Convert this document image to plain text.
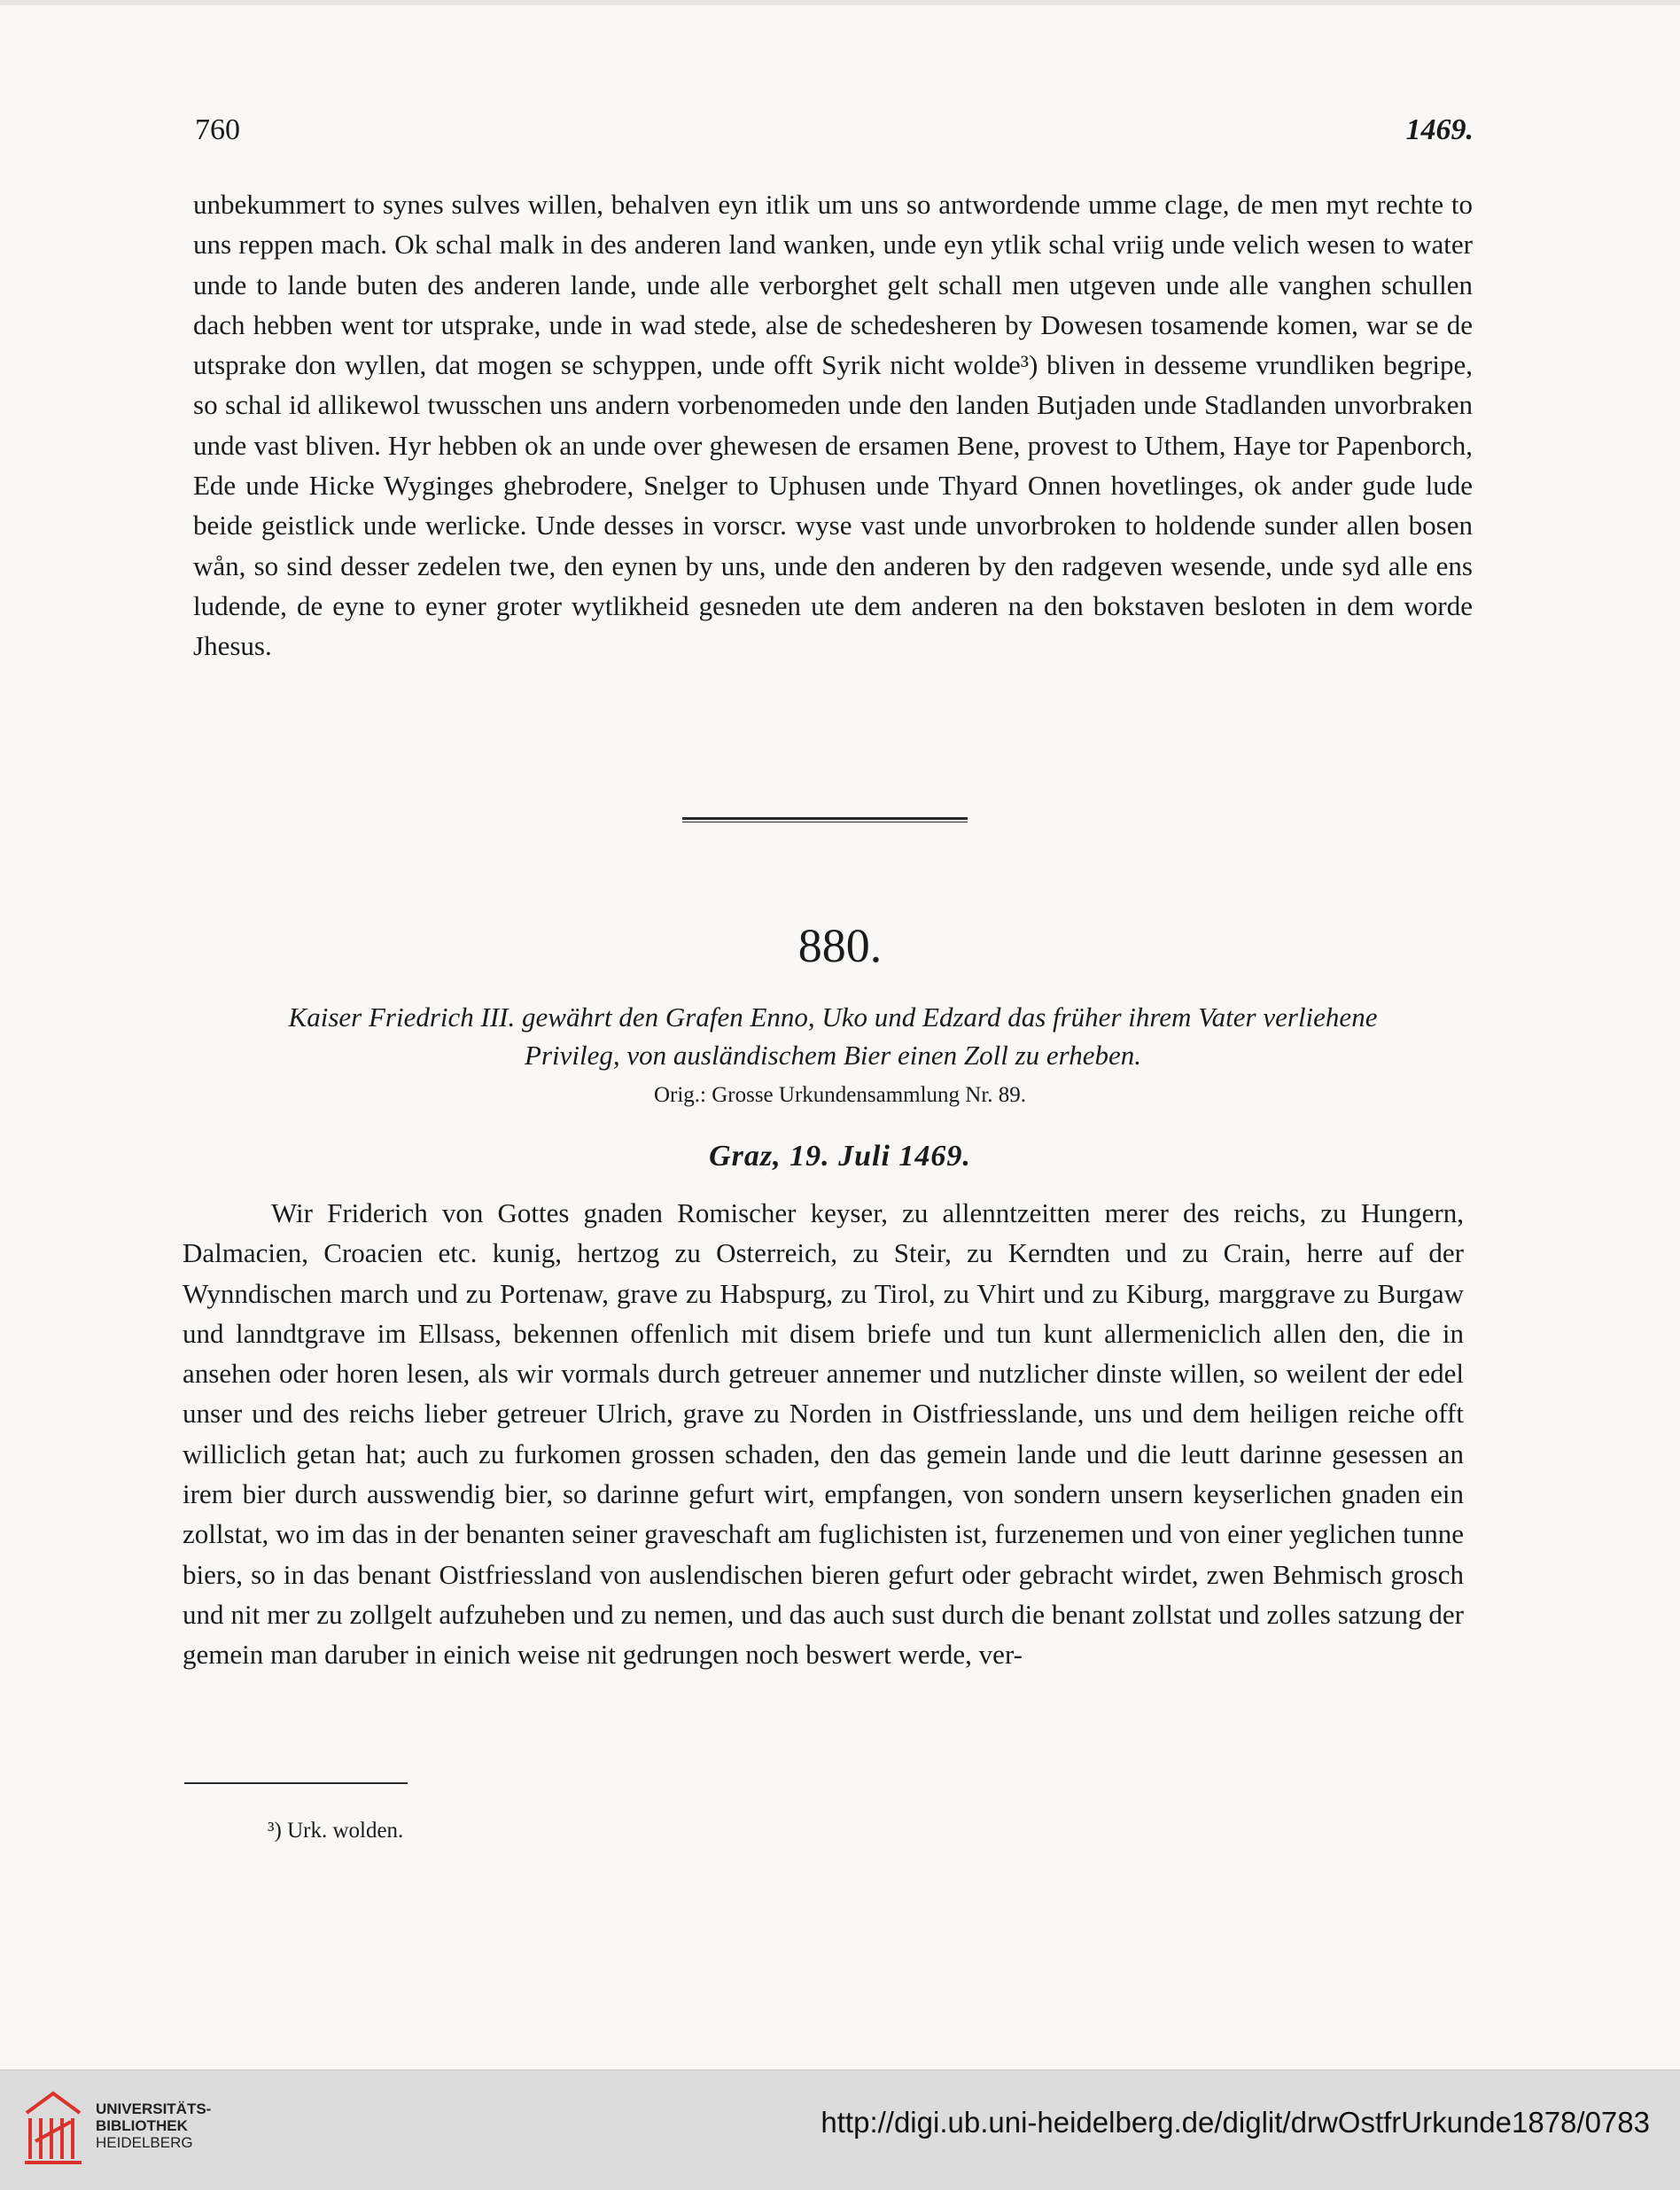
760	1469.

unbekummert to synes sulves willen, behalven eyn itlik um uns so antwordende umme clage, de men myt rechte to uns reppen mach. Ok schal malk in des anderen land wanken, unde eyn ytlik schal vriig unde velich wesen to water unde to lande buten des anderen lande, unde alle verborghet gelt schall men utgeven unde alle vanghen schullen dach hebben went tor utsprake, unde in wad stede, alse de schedesheren by Dowesen tosamende komen, war se de utsprake don wyllen, dat mogen se schyppen, unde offt Syrik nicht wolde³) bliven in desseme vrundliken begripe, so schal id allikewol twusschen uns andern vorbenomeden unde den landen Butjaden unde Stadlanden unvorbraken unde vast bliven. Hyr hebben ok an unde over ghewesen de ersamen Bene, provest to Uthem, Haye tor Papenborch, Ede unde Hicke Wyginges ghebrodere, Snelger to Uphusen unde Thyard Onnen hovetlinges, ok ander gude lude beide geistlick unde werlicke. Unde desses in vorscr. wyse vast unde unvorbroken to holdende sunder allen bosen wån, so sind desser zedelen twe, den eynen by uns, unde den anderen by den radgeven wesende, unde syd alle ens ludende, de eyne to eyner groter wytlikheid gesneden ute dem anderen na den bokstaven besloten in dem worde Jhesus.

880.
Kaiser Friedrich III. gewährt den Grafen Enno, Uko und Edzard das früher ihrem Vater verliehene
Privileg, von ausländischem Bier einen Zoll zu erheben.
Orig.: Grosse Urkundensammlung Nr. 89.
Graz, 19. Juli 1469.

Wir Friderich von Gottes gnaden Romischer keyser, zu allenntzeitten merer des reichs, zu Hungern, Dalmacien, Croacien etc. kunig, hertzog zu Osterreich, zu Steir, zu Kerndten und zu Crain, herre auf der Wynndischen march und zu Portenaw, grave zu Habspurg, zu Tirol, zu Vhirt und zu Kiburg, marggrave zu Burgaw und lanndtgrave im Ellsass, bekennen offenlich mit disem briefe und tun kunt allermeniclich allen den, die in ansehen oder horen lesen, als wir vormals durch getreuer annemer und nutzlicher dinste willen, so weilent der edel unser und des reichs lieber getreuer Ulrich, grave zu Norden in Oistfriesslande, uns und dem heiligen reiche offt williclich getan hat; auch zu furkomen grossen schaden, den das gemein lande und die leutt darinne gesessen an irem bier durch ausswendig bier, so darinne gefurt wirt, empfangen, von sondern unsern keyserlichen gnaden ein zollstat, wo im das in der benanten seiner graveschaft am fuglichisten ist, furzenemen und von einer yeglichen tunne biers, so in das benant Oistfriessland von auslendischen bieren gefurt oder gebracht wirdet, zwen Behmisch grosch und nit mer zu zollgelt aufzuheben und zu nemen, und das auch sust durch die benant zollstat und zolles satzung der gemein man daruber in einich weise nit gedrungen noch beswert werde, ver-

³) Urk. wolden.
UNIVERSITÄTS-
BIBLIOTHEK
HEIDELBERG
http://digi.ub.uni-heidelberg.de/diglit/drwOstfrUrkunde1878/0783
